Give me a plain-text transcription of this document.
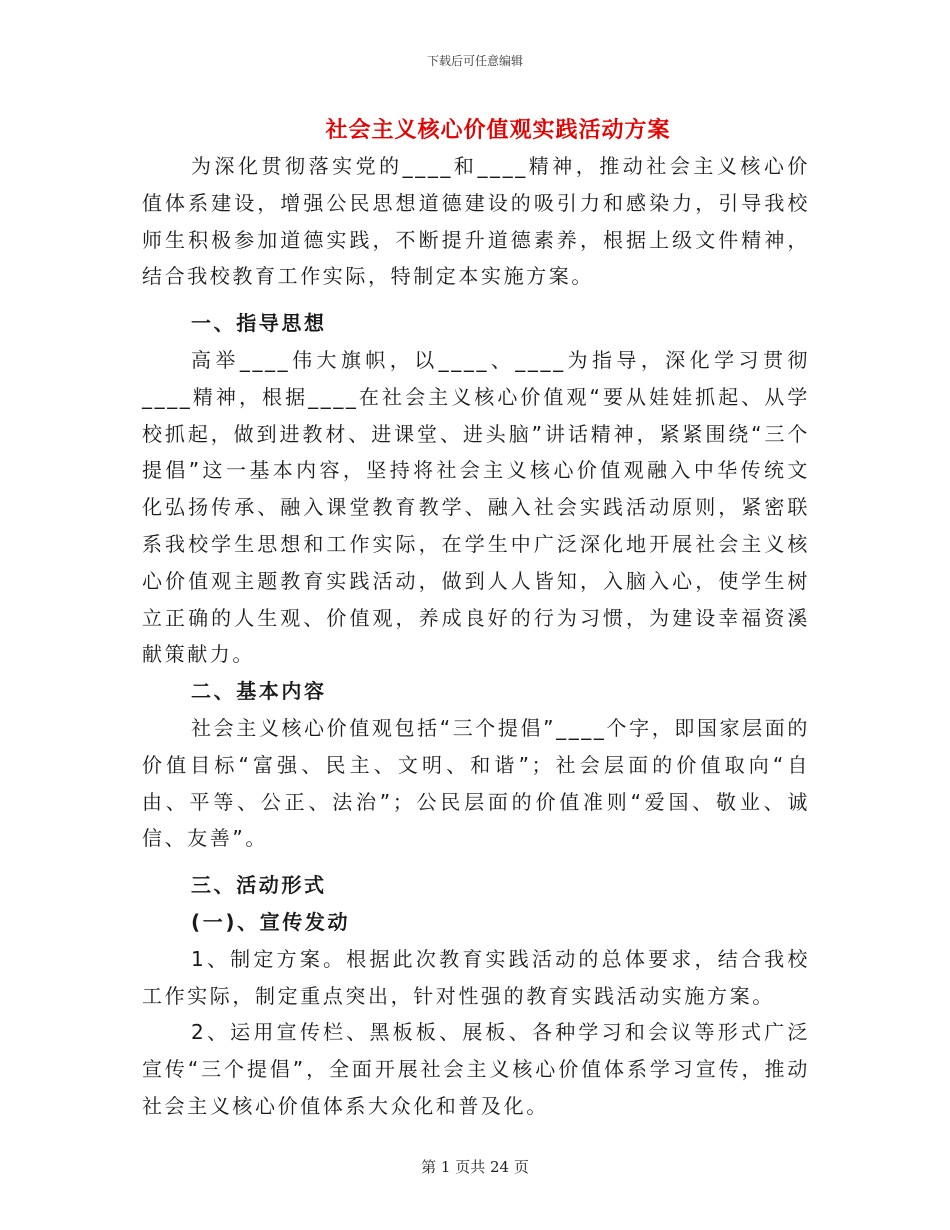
下载后可任意编辑
社会主义核心价值观实践活动方案

为深化贯彻落实党的____和____精神，推动社会主义核心价值体系建设，增强公民思想道德建设的吸引力和感染力，引导我校师生积极参加道德实践，不断提升道德素养，根据上级文件精神，结合我校教育工作实际，特制定本实施方案。

一、指导思想

高举____伟大旗帜，以____、____为指导，深化学习贯彻____精神，根据____在社会主义核心价值观“要从娃娃抓起、从学校抓起，做到进教材、进课堂、进头脑”讲话精神，紧紧围绕“三个提倡”这一基本内容，坚持将社会主义核心价值观融入中华传统文化弘扬传承、融入课堂教育教学、融入社会实践活动原则，紧密联系我校学生思想和工作实际，在学生中广泛深化地开展社会主义核心价值观主题教育实践活动，做到人人皆知，入脑入心，使学生树立正确的人生观、价值观，养成良好的行为习惯，为建设幸福资溪献策献力。

二、基本内容

社会主义核心价值观包括“三个提倡”____个字，即国家层面的价值目标“富强、民主、文明、和谐”；社会层面的价值取向“自由、平等、公正、法治”；公民层面的价值准则“爱国、敬业、诚信、友善”。

三、活动形式
(一)、宣传发动

1、制定方案。根据此次教育实践活动的总体要求，结合我校工作实际，制定重点突出，针对性强的教育实践活动实施方案。

2、运用宣传栏、黑板板、展板、各种学习和会议等形式广泛宣传“三个提倡”，全面开展社会主义核心价值体系学习宣传，推动社会主义核心价值体系大众化和普及化。

第 1 页共 24 页
